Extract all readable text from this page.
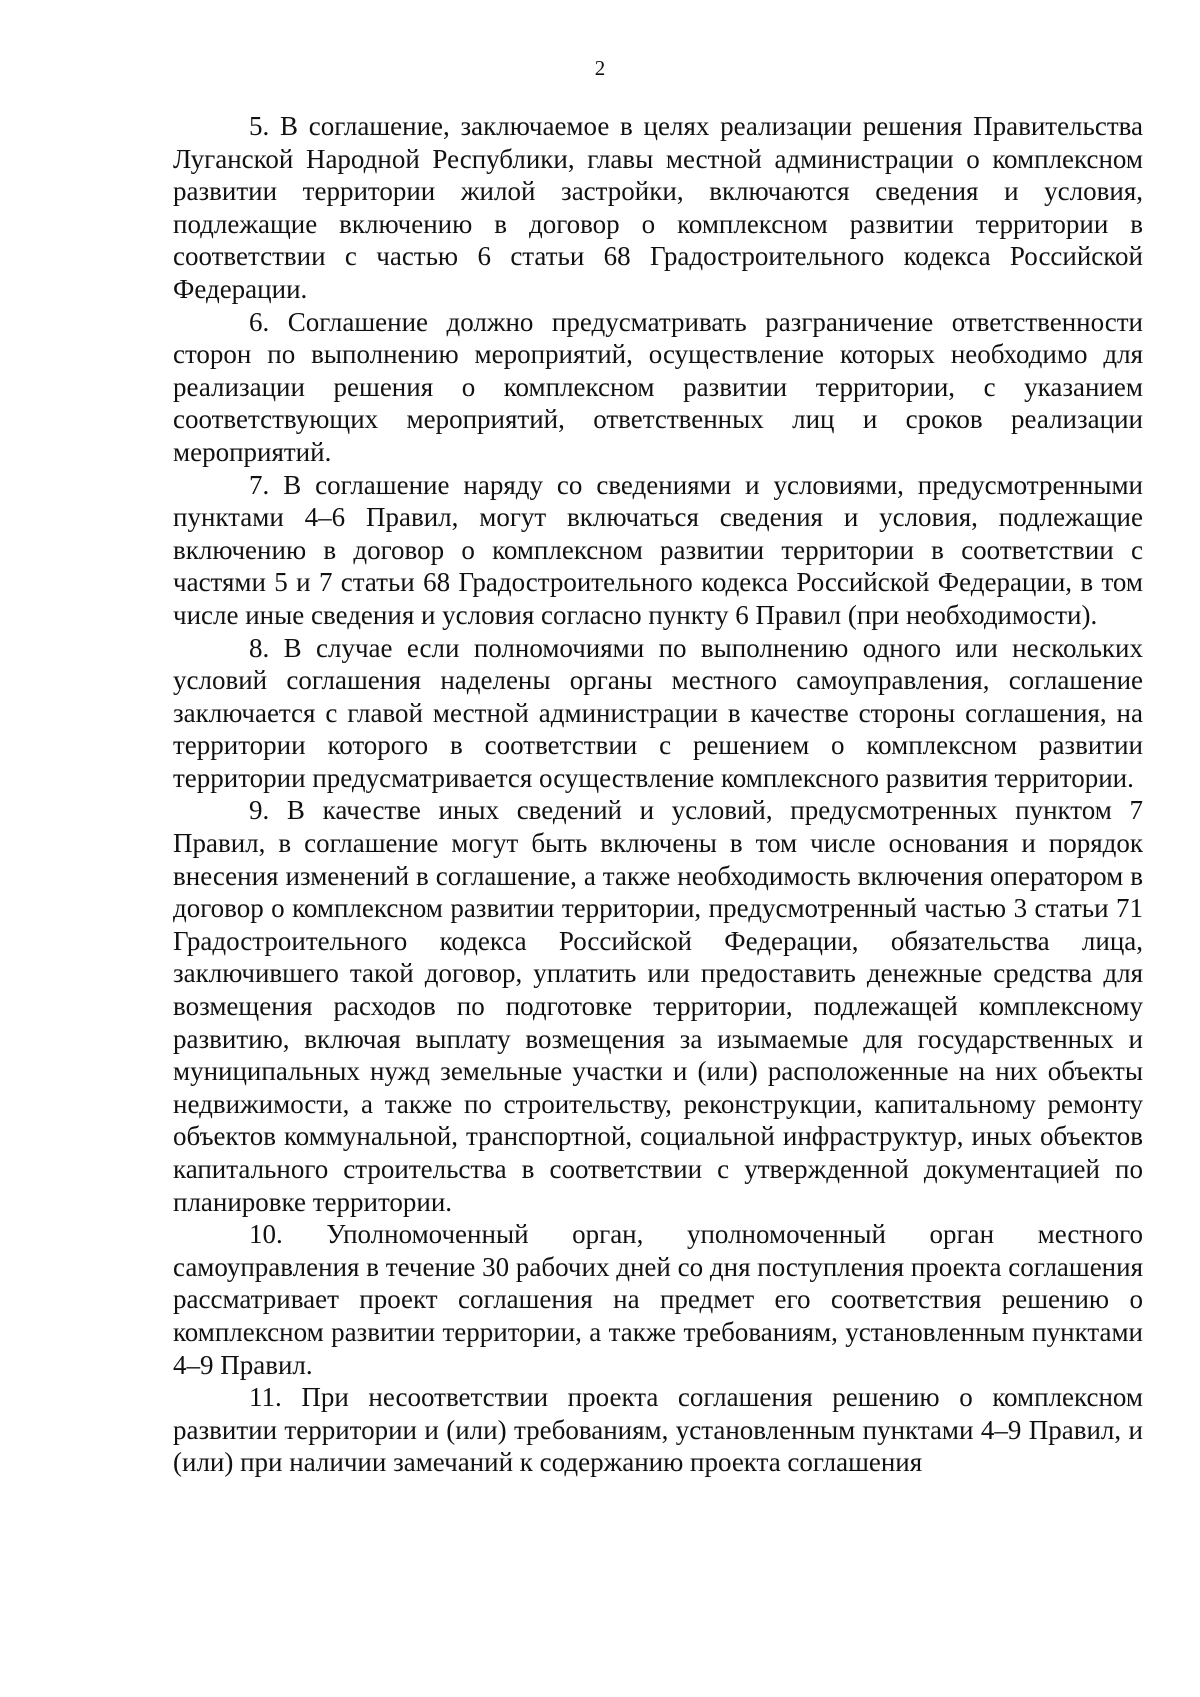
2

5. В соглашение, заключаемое в целях реализации решения Правительства Луганской Народной Республики, главы местной администрации о комплексном развитии территории жилой застройки, включаются сведения и условия, подлежащие включению в договор о комплексном развитии территории в соответствии с частью 6 статьи 68 Градостроительного кодекса Российской Федерации.

6. Соглашение должно предусматривать разграничение ответственности сторон по выполнению мероприятий, осуществление которых необходимо для реализации решения о комплексном развитии территории, с указанием соответствующих мероприятий, ответственных лиц и сроков реализации мероприятий.

7. В соглашение наряду со сведениями и условиями, предусмотренными пунктами 4–6 Правил, могут включаться сведения и условия, подлежащие включению в договор о комплексном развитии территории в соответствии с частями 5 и 7 статьи 68 Градостроительного кодекса Российской Федерации, в том числе иные сведения и условия согласно пункту 6 Правил (при необходимости).

8. В случае если полномочиями по выполнению одного или нескольких условий соглашения наделены органы местного самоуправления, соглашение заключается с главой местной администрации в качестве стороны соглашения, на территории которого в соответствии с решением о комплексном развитии территории предусматривается осуществление комплексного развития территории.

9. В качестве иных сведений и условий, предусмотренных пунктом 7 Правил, в соглашение могут быть включены в том числе основания и порядок внесения изменений в соглашение, а также необходимость включения оператором в договор о комплексном развитии территории, предусмотренный частью 3 статьи 71 Градостроительного кодекса Российской Федерации, обязательства лица, заключившего такой договор, уплатить или предоставить денежные средства для возмещения расходов по подготовке территории, подлежащей комплексному развитию, включая выплату возмещения за изымаемые для государственных и муниципальных нужд земельные участки и (или) расположенные на них объекты недвижимости, а также по строительству, реконструкции, капитальному ремонту объектов коммунальной, транспортной, социальной инфраструктур, иных объектов капитального строительства в соответствии с утвержденной документацией по планировке территории.

10. Уполномоченный орган, уполномоченный орган местного самоуправления в течение 30 рабочих дней со дня поступления проекта соглашения рассматривает проект соглашения на предмет его соответствия решению о комплексном развитии территории, а также требованиям, установленным пунктами 4–9 Правил.

11. При несоответствии проекта соглашения решению о комплексном развитии территории и (или) требованиям, установленным пунктами 4–9 Правил, и (или) при наличии замечаний к содержанию проекта соглашения
